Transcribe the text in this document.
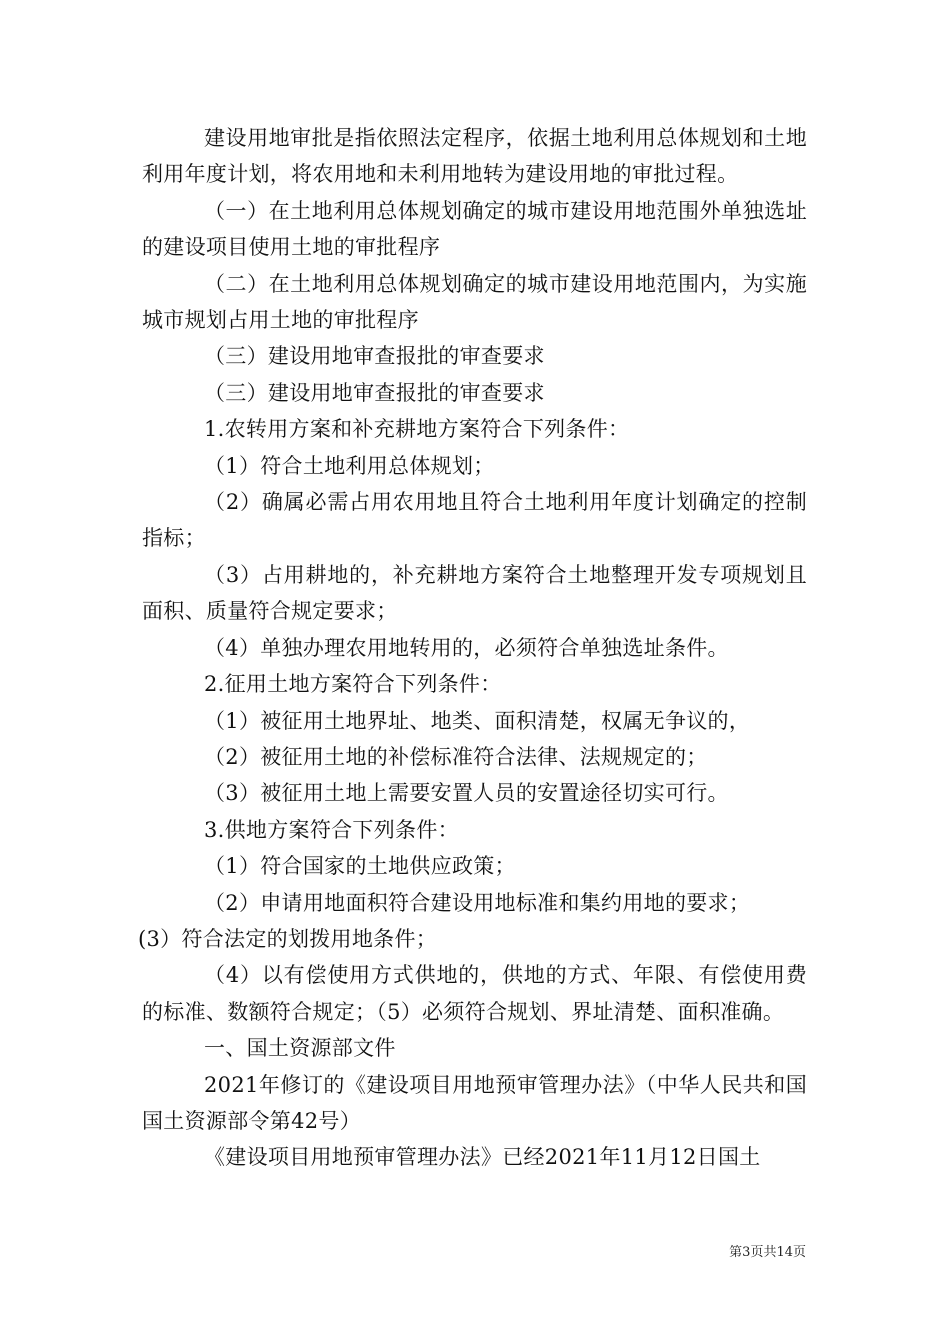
建设用地审批是指依照法定程序，依据土地利用总体规划和土地利用年度计划，将农用地和未利用地转为建设用地的审批过程。

（一）在土地利用总体规划确定的城市建设用地范围外单独选址的建设项目使用土地的审批程序

（二）在土地利用总体规划确定的城市建设用地范围内，为实施城市规划占用土地的审批程序

（三）建设用地审查报批的审查要求

（三）建设用地审查报批的审查要求

1.农转用方案和补充耕地方案符合下列条件：

（1）符合土地利用总体规划；

（2）确属必需占用农用地且符合土地利用年度计划确定的控制指标；

（3）占用耕地的，补充耕地方案符合土地整理开发专项规划且面积、质量符合规定要求；

（4）单独办理农用地转用的，必须符合单独选址条件。

2.征用土地方案符合下列条件：

（1）被征用土地界址、地类、面积清楚，权属无争议的，

（2）被征用土地的补偿标准符合法律、法规规定的；

（3）被征用土地上需要安置人员的安置途径切实可行。

3.供地方案符合下列条件：

（1）符合国家的土地供应政策；

（2）申请用地面积符合建设用地标准和集约用地的要求；

(3）符合法定的划拨用地条件；

（4）以有偿使用方式供地的，供地的方式、年限、有偿使用费的标准、数额符合规定；（5）必须符合规划、界址清楚、面积准确。

一、国土资源部文件

2021年修订的《建设项目用地预审管理办法》（中华人民共和国国土资源部令第42号）

《建设项目用地预审管理办法》已经2021年11月12日国土

第3页共14页
